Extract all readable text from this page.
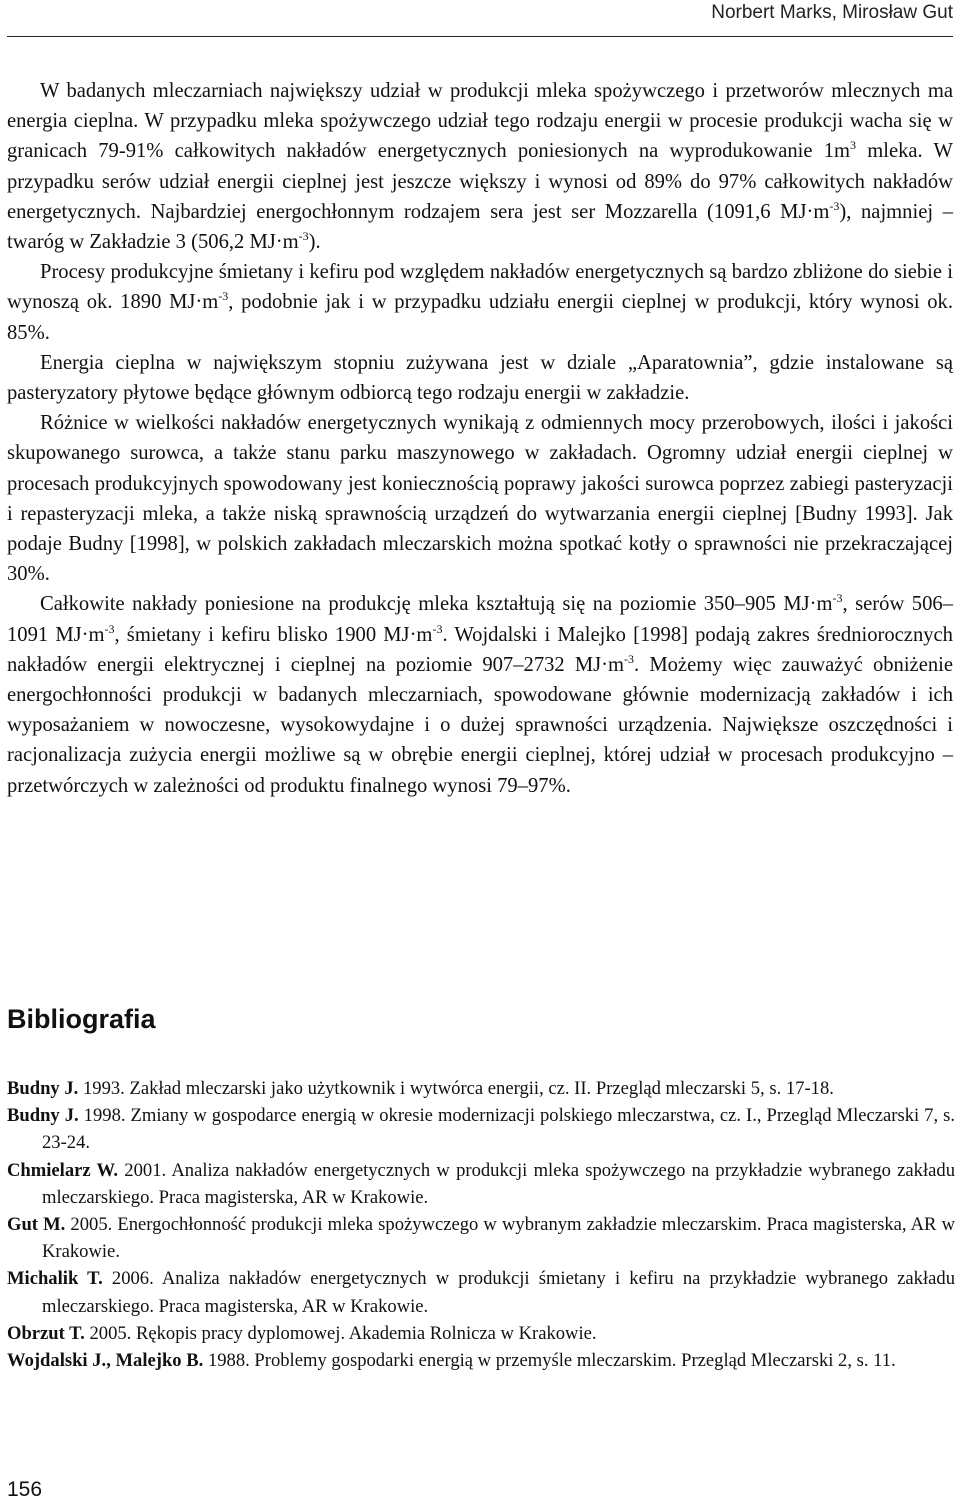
Norbert Marks, Mirosław Gut

W badanych mleczarniach największy udział w produkcji mleka spożywczego i przetworów mlecznych ma energia cieplna. W przypadku mleka spożywczego udział tego rodzaju energii w procesie produkcji wacha się w granicach 79-91% całkowitych nakładów energetycznych poniesionych na wyprodukowanie $1m^3$ mleka. W przypadku serów udział energii cieplnej jest jeszcze większy i wynosi od 89% do 97% całkowitych nakładów energetycznych. Najbardziej energochłonnym rodzajem sera jest ser Mozzarella (1091,6 $MJ\cdot m^{-3}$), najmniej – twaróg w Zakładzie 3 (506,2 $MJ\cdot m^{-3}$).

Procesy produkcyjne śmietany i kefiru pod względem nakładów energetycznych są bardzo zbliżone do siebie i wynoszą ok. 1890 $MJ\cdot m^{-3}$, podobnie jak i w przypadku udziału energii cieplnej w produkcji, który wynosi ok. 85%.

Energia cieplna w największym stopniu zużywana jest w dziale „Aparatownia”, gdzie instalowane są pasteryzatory płytowe będące głównym odbiorcą tego rodzaju energii w zakładzie.

Różnice w wielkości nakładów energetycznych wynikają z odmiennych mocy przerobowych, ilości i jakości skupowanego surowca, a także stanu parku maszynowego w zakładach. Ogromny udział energii cieplnej w procesach produkcyjnych spowodowany jest koniecznością poprawy jakości surowca poprzez zabiegi pasteryzacji i repasteryzacji mleka, a także niską sprawnością urządzeń do wytwarzania energii cieplnej [Budny 1993]. Jak podaje Budny [1998], w polskich zakładach mleczarskich można spotkać kotły o sprawności nie przekraczającej 30%.

Całkowite nakłady poniesione na produkcję mleka kształtują się na poziomie 350–905 $MJ\cdot m^{-3}$, serów 506–1091 $MJ\cdot m^{-3}$, śmietany i kefiru blisko 1900 $MJ\cdot m^{-3}$. Wojdalski i Malejko [1998] podają zakres średniorocznych nakładów energii elektrycznej i cieplnej na poziomie 907–2732 $MJ\cdot m^{-3}$. Możemy więc zauważyć obniżenie energochłonności produkcji w badanych mleczarniach, spowodowane głównie modernizacją zakładów i ich wyposażaniem w nowoczesne, wysokowydajne i o dużej sprawności urządzenia. Największe oszczędności i racjonalizacja zużycia energii możliwe są w obrębie energii cieplnej, której udział w procesach produkcyjno – przetwórczych w zależności od produktu finalnego wynosi 79–97%.

Bibliografia
Budny J. 1993. Zakład mleczarski jako użytkownik i wytwórca energii, cz. II. Przegląd mleczarski 5, s. 17-18.
Budny J. 1998. Zmiany w gospodarce energią w okresie modernizacji polskiego mleczarstwa, cz. I., Przegląd Mleczarski 7, s. 23-24.
Chmielarz W. 2001. Analiza nakładów energetycznych w produkcji mleka spożywczego na przykładzie wybranego zakładu mleczarskiego. Praca magisterska, AR w Krakowie.
Gut M. 2005. Energochłonność produkcji mleka spożywczego w wybranym zakładzie mleczarskim. Praca magisterska, AR w Krakowie.
Michalik T. 2006. Analiza nakładów energetycznych w produkcji śmietany i kefiru na przykładzie wybranego zakładu mleczarskiego. Praca magisterska, AR w Krakowie.
Obrzut T. 2005. Rękopis pracy dyplomowej. Akademia Rolnicza w Krakowie.
Wojdalski J., Malejko B. 1988. Problemy gospodarki energią w przemyśle mleczarskim. Przegląd Mleczarski 2, s. 11.
156
